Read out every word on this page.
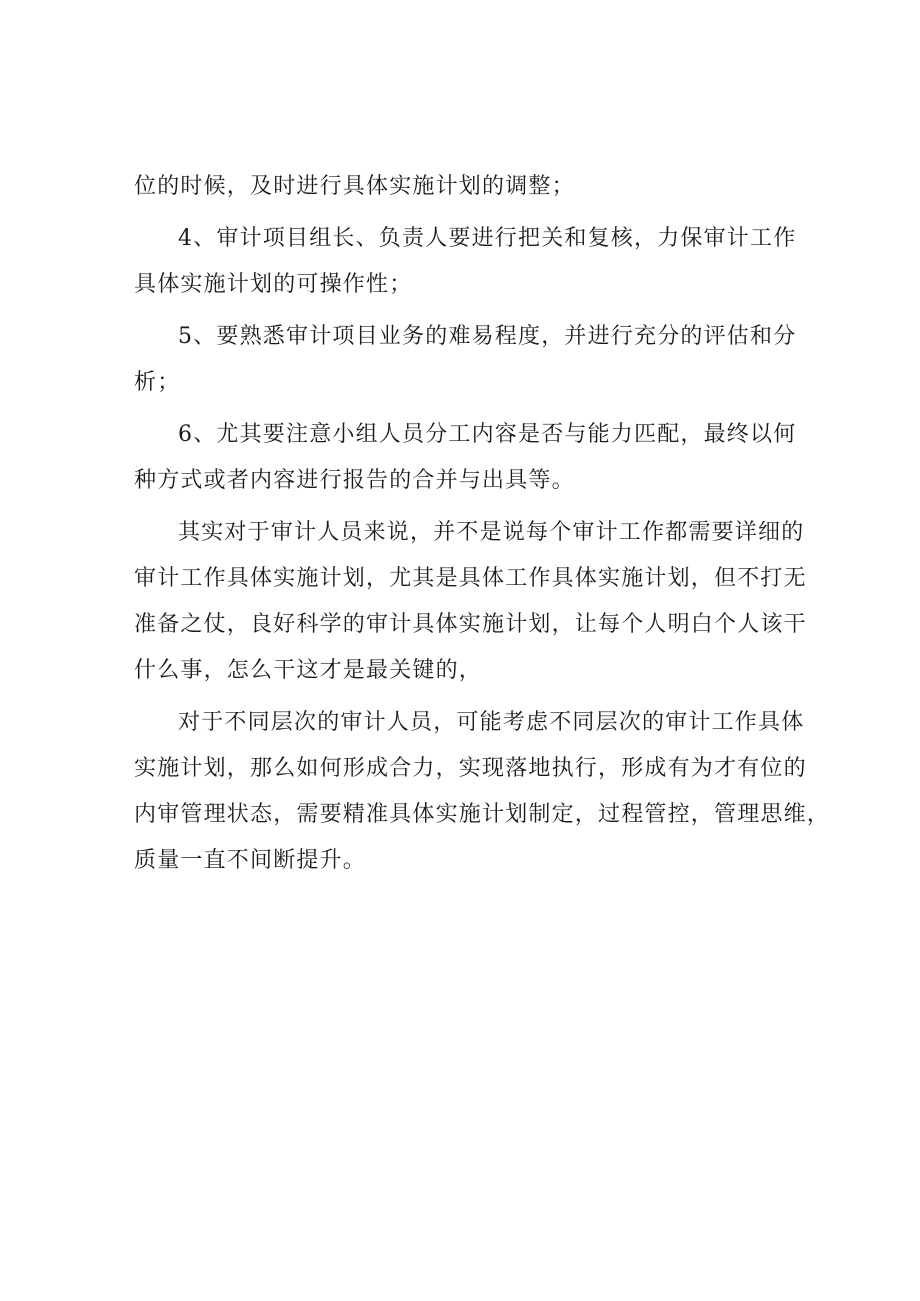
位的时候，及时进行具体实施计划的调整；
4、审计项目组长、负责人要进行把关和复核，力保审计工作
具体实施计划的可操作性；
5、要熟悉审计项目业务的难易程度，并进行充分的评估和分
析；
6、尤其要注意小组人员分工内容是否与能力匹配，最终以何
种方式或者内容进行报告的合并与出具等。
其实对于审计人员来说，并不是说每个审计工作都需要详细的
审计工作具体实施计划，尤其是具体工作具体实施计划，但不打无
准备之仗，良好科学的审计具体实施计划，让每个人明白个人该干
什么事，怎么干这才是最关键的，
对于不同层次的审计人员，可能考虑不同层次的审计工作具体
实施计划，那么如何形成合力，实现落地执行，形成有为才有位的
内审管理状态，需要精准具体实施计划制定，过程管控，管理思维，
质量一直不间断提升。
